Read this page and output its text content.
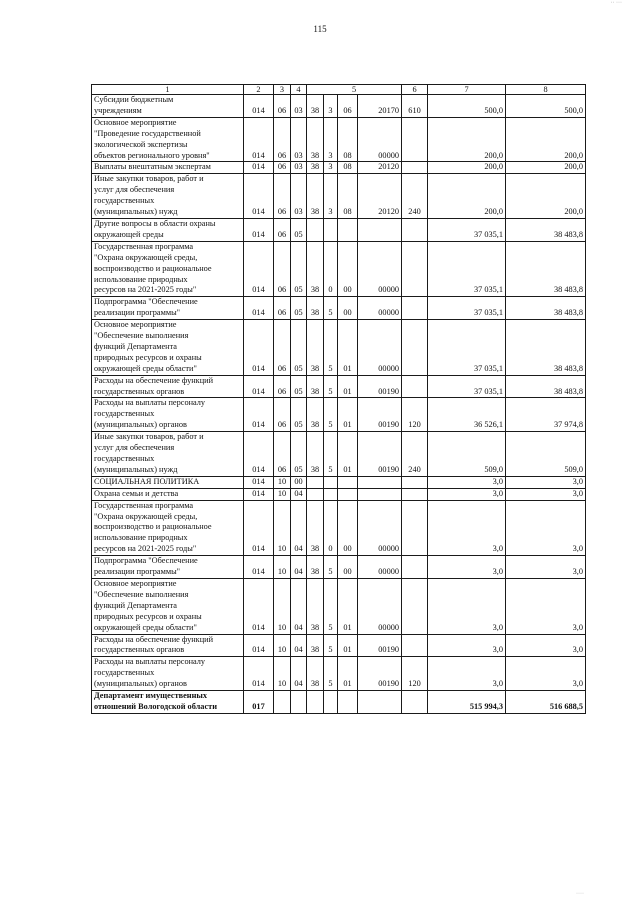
·· ···
115
1	2	3	4	5				6	7	8
Субсидии бюджетным
учреждениям	014	06	03	38	3	06	20170	610	500,0	500,0
Основное мероприятие
"Проведение государственной
экологической экспертизы
объектов регионального уровня"	014	06	03	38	3	08	00000		200,0	200,0
Выплаты внештатным экспертам	014	06	03	38	3	08	20120		200,0	200,0
Иные закупки товаров, работ и
услуг для обеспечения
государственных
(муниципальных) нужд	014	06	03	38	3	08	20120	240	200,0	200,0
Другие вопросы в области охраны
окружающей среды	014	06	05						37 035,1	38 483,8
Государственная программа
"Охрана окружающей среды,
воспроизводство и рациональное
использование природных
ресурсов на 2021-2025 годы"	014	06	05	38	0	00	00000		37 035,1	38 483,8
Подпрограмма "Обеспечение
реализации программы"	014	06	05	38	5	00	00000		37 035,1	38 483,8
Основное мероприятие
"Обеспечение выполнения
функций Департамента
природных ресурсов и охраны
окружающей среды области"	014	06	05	38	5	01	00000		37 035,1	38 483,8
Расходы на обеспечение функций
государственных органов	014	06	05	38	5	01	00190		37 035,1	38 483,8
Расходы на выплаты персоналу
государственных
(муниципальных) органов	014	06	05	38	5	01	00190	120	36 526,1	37 974,8
Иные закупки товаров, работ и
услуг для обеспечения
государственных
(муниципальных) нужд	014	06	05	38	5	01	00190	240	509,0	509,0
СОЦИАЛЬНАЯ ПОЛИТИКА	014	10	00						3,0	3,0
Охрана семьи и детства	014	10	04						3,0	3,0
Государственная программа
"Охрана окружающей среды,
воспроизводство и рациональное
использование природных
ресурсов на 2021-2025 годы"	014	10	04	38	0	00	00000		3,0	3,0
Подпрограмма "Обеспечение
реализации программы"	014	10	04	38	5	00	00000		3,0	3,0
Основное мероприятие
"Обеспечение выполнения
функций Департамента
природных ресурсов и охраны
окружающей среды области"	014	10	04	38	5	01	00000		3,0	3,0
Расходы на обеспечение функций
государственных органов	014	10	04	38	5	01	00190		3,0	3,0
Расходы на выплаты персоналу
государственных
(муниципальных) органов	014	10	04	38	5	01	00190	120	3,0	3,0
Департамент имущественных
отношений Вологодской области	017								515 994,3	516 688,5
····
